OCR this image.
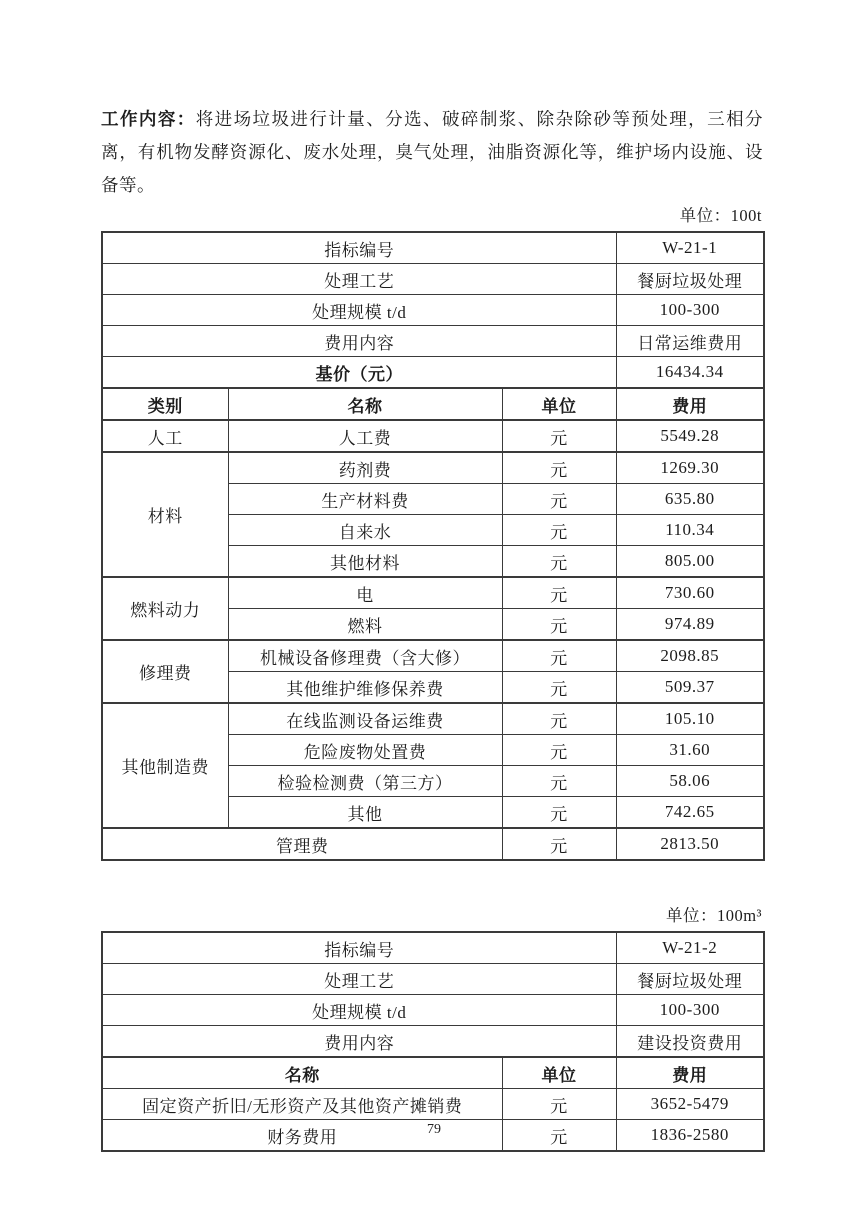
工作内容：将进场垃圾进行计量、分选、破碎制浆、除杂除砂等预处理，三相分离，有机物发酵资源化、废水处理，臭气处理，油脂资源化等，维护场内设施、设备等。

单位：100t
指标编号			W-21-1
处理工艺			餐厨垃圾处理
处理规模 t/d			100-300
费用内容			日常运维费用
基价（元）			16434.34
类别	名称	单位	费用
人工	人工费	元	5549.28
材料	药剂费	元	1269.30
	生产材料费	元	635.80
	自来水	元	110.34
	其他材料	元	805.00
燃料动力	电	元	730.60
	燃料	元	974.89
修理费	机械设备修理费（含大修）	元	2098.85
	其他维护维修保养费	元	509.37
其他制造费	在线监测设备运维费	元	105.10
	危险废物处置费	元	31.60
	检验检测费（第三方）	元	58.06
	其他	元	742.65
管理费		元	2813.50
单位：100m³
指标编号		W-21-2
处理工艺		餐厨垃圾处理
处理规模 t/d		100-300
费用内容		建设投资费用
名称	单位	费用
固定资产折旧/无形资产及其他资产摊销费	元	3652-5479
财务费用	元	1836-2580
79
